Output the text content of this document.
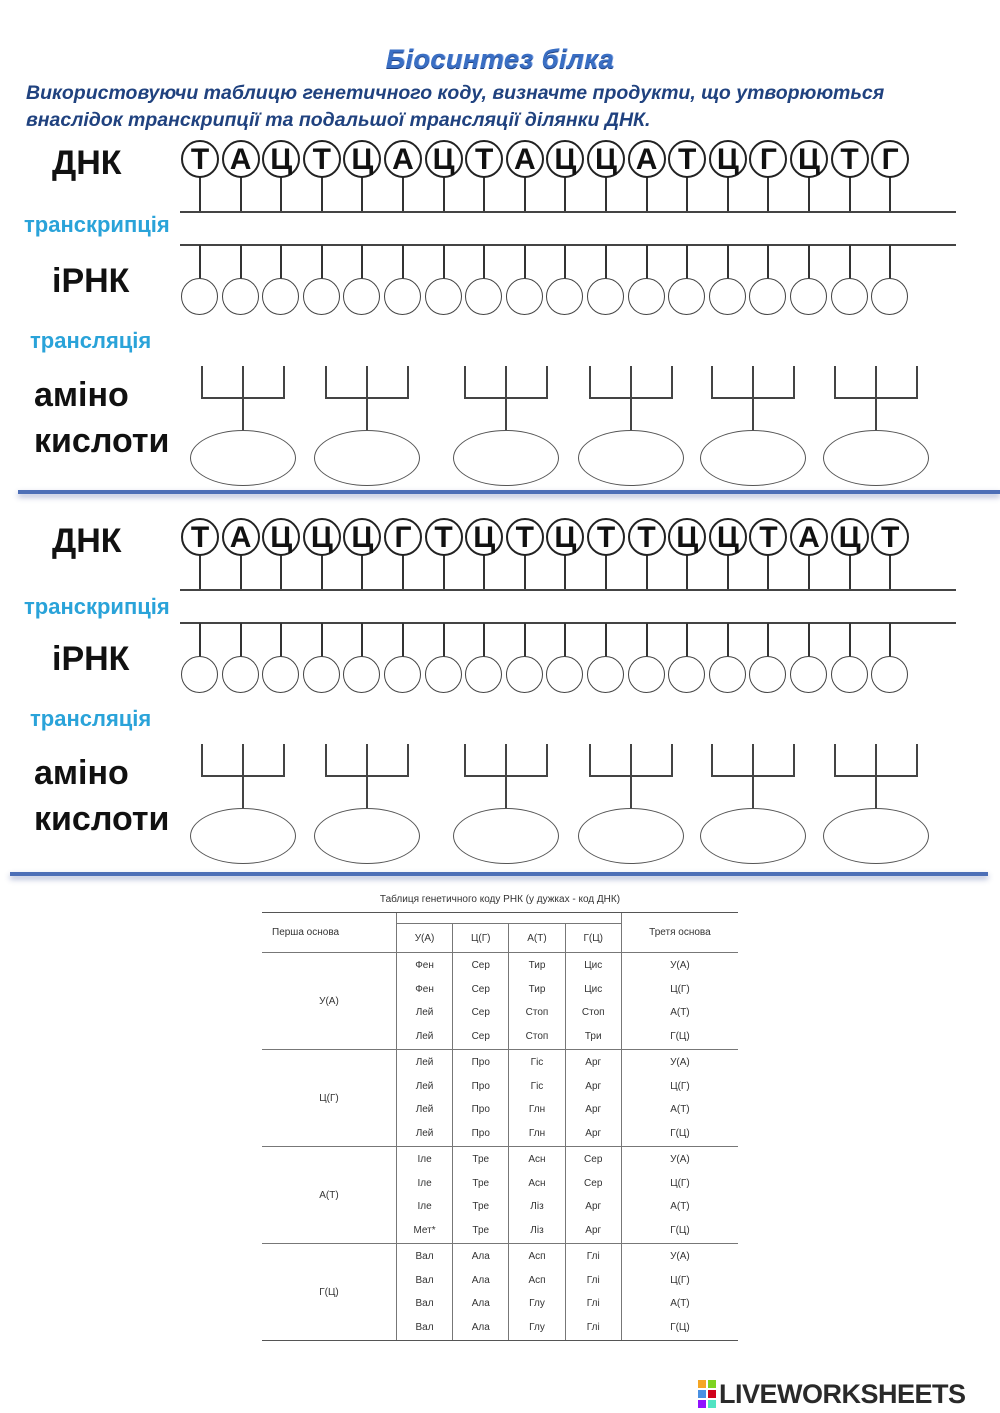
Біосинтез білка
Використовуючи таблицю генетичного коду, визначте продукти, що утворюються внаслідок транскрипції та подальшої трансляції ділянки ДНК.
ДНК
транскрипція
іРНК
трансляція
аміно
кислоти
Т А Ц Т Ц А Ц Т А Ц Ц А Т Ц Г Ц Т Г
ДНК
транскрипція
іРНК
трансляція
аміно
кислоти
Т А Ц Ц Ц Г Т Ц Т Ц Т Т Ц Ц Т А Ц Т
Таблиця генетичного коду РНК (у дужках - код ДНК)
Перша основа					Третя основа
	У(А)	Ц(Г)	А(Т)	Г(Ц)	
У(А)	Фен	Сер	Тир	Цис	У(А)
	Фен	Сер	Тир	Цис	Ц(Г)
	Лей	Сер	Стоп	Стоп	А(Т)
	Лей	Сер	Стоп	Три	Г(Ц)
Ц(Г)	Лей	Про	Гіс	Арг	У(А)
	Лей	Про	Гіс	Арг	Ц(Г)
	Лей	Про	Глн	Арг	А(Т)
	Лей	Про	Глн	Арг	Г(Ц)
А(Т)	Іле	Тре	Асн	Сер	У(А)
	Іле	Тре	Асн	Сер	Ц(Г)
	Іле	Тре	Ліз	Арг	А(Т)
	Мет*	Тре	Ліз	Арг	Г(Ц)
Г(Ц)	Вал	Ала	Асп	Глі	У(А)
	Вал	Ала	Асп	Глі	Ц(Г)
	Вал	Ала	Глу	Глі	А(Т)
	Вал	Ала	Глу	Глі	Г(Ц)
LIVEWORKSHEETS
